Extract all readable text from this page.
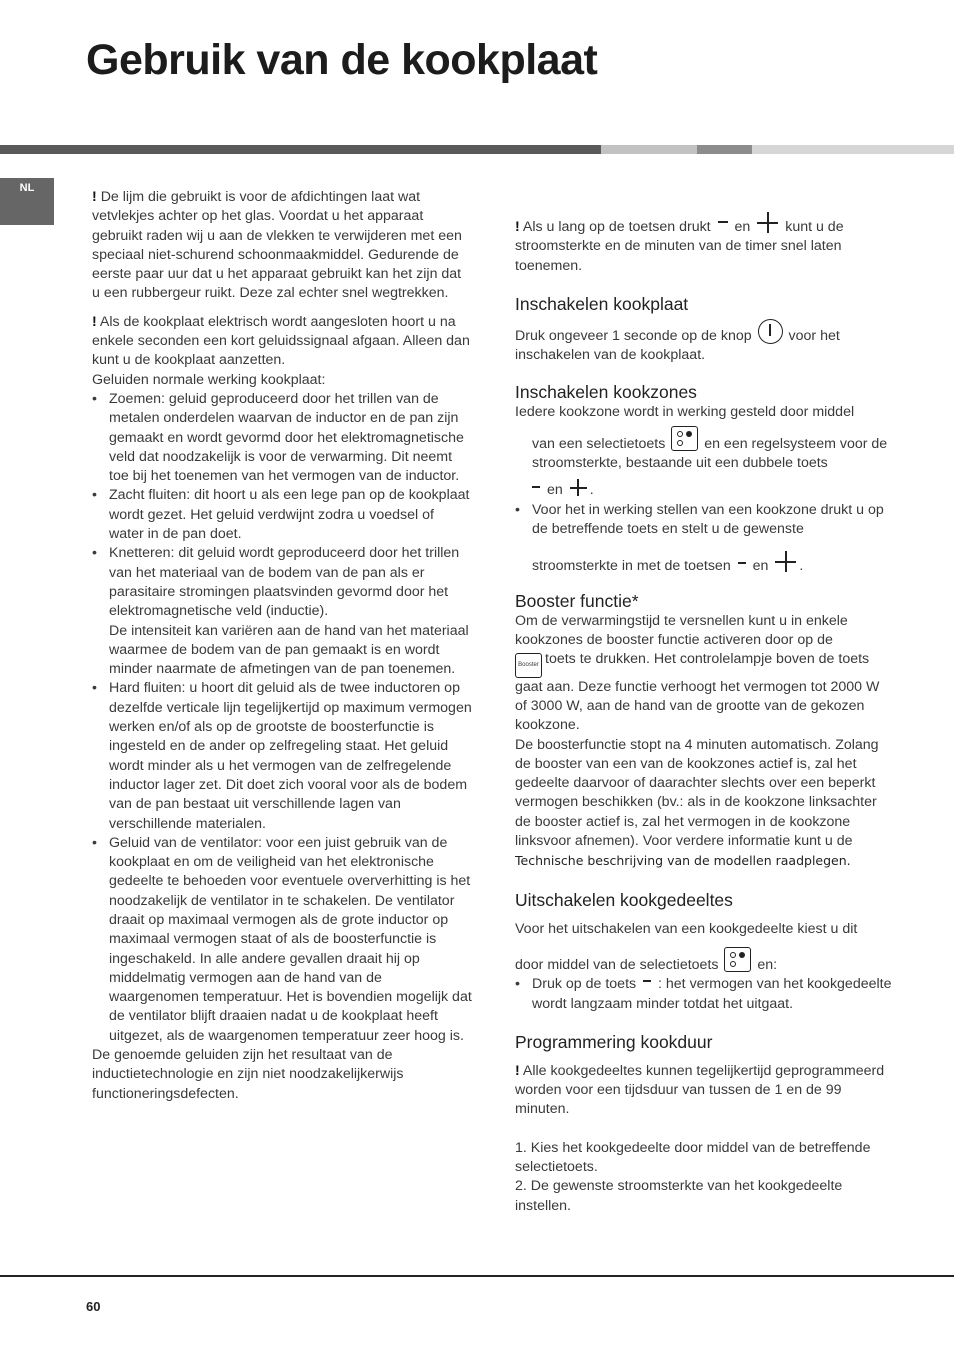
Gebruik van de kookplaat
NL

! De lijm die gebruikt is voor de afdichtingen laat wat vetvlekjes achter op het glas. Voordat u het apparaat gebruikt raden wij u aan de vlekken te verwijderen met een speciaal niet-schurend schoonmaakmiddel. Gedurende de eerste paar uur dat u het apparaat gebruikt kan het zijn dat u een rubbergeur ruikt. Deze zal echter snel wegtrekken.

! Als de kookplaat elektrisch wordt aangesloten hoort u na enkele seconden een kort geluidssignaal afgaan. Alleen dan kunt u de kookplaat aanzetten.

Geluiden normale werking kookplaat:

• Zoemen: geluid geproduceerd door het trillen van de metalen onderdelen waarvan de inductor en de pan zijn gemaakt en wordt gevormd door het elektromagnetische veld dat noodzakelijk is voor de verwarming. Dit neemt toe bij het toenemen van het vermogen van de inductor.
• Zacht fluiten: dit hoort u als een lege pan op de kookplaat wordt gezet. Het geluid verdwijnt zodra u voedsel of water in de pan doet.
• Knetteren: dit geluid wordt geproduceerd door het trillen van het materiaal van de bodem van de pan als er parasitaire stromingen plaatsvinden gevormd door het elektromagnetische veld (inductie).
De intensiteit kan variëren aan de hand van het materiaal waarmee de bodem van de pan gemaakt is en wordt minder naarmate de afmetingen van de pan toenemen.
• Hard fluiten: u hoort dit geluid als de twee inductoren op dezelfde verticale lijn tegelijkertijd op maximum vermogen werken en/of als op de grootste de boosterfunctie is ingesteld en de ander op zelfregeling staat. Het geluid wordt minder als u het vermogen van de zelfregelende inductor lager zet. Dit doet zich vooral voor als de bodem van de pan bestaat uit verschillende lagen van verschillende materialen.
• Geluid van de ventilator: voor een juist gebruik van de kookplaat en om de veiligheid van het elektronische gedeelte te behoeden voor eventuele oververhitting is het noodzakelijk de ventilator in te schakelen. De ventilator draait op maximaal vermogen als de grote inductor op maximaal vermogen staat of als de boosterfunctie is ingeschakeld. In alle andere gevallen draait hij op middelmatig vermogen aan de hand van de waargenomen temperatuur. Het is bovendien mogelijk dat de ventilator blijft draaien nadat u de kookplaat heeft uitgezet, als de waargenomen temperatuur zeer hoog is.

De genoemde geluiden zijn het resultaat van de inductietechnologie en zijn niet noodzakelijkerwijs functioneringsdefecten.

! Als u lang op de toetsen drukt en kunt u de stroomsterkte en de minuten van de timer snel laten toenemen.

Inschakelen kookplaat

Druk ongeveer 1 seconde op de knop	voor het inschakelen van de kookplaat.

Inschakelen kookzones

Iedere kookzone wordt in werking gesteld door middel

van een selectietoets	en een regelsysteem voor de stroomsterkte, bestaande uit een dubbele toets

en .

• Voor het in werking stellen van een kookzone drukt u op de betreffende toets en stelt u de gewenste
stroomsterkte in met de toetsen en .
Booster functie*

Om de verwarmingstijd te versnellen kunt u in enkele kookzones de booster functie activeren door op de

Booster toets te drukken. Het controlelampje boven de toets gaat aan. Deze functie verhoogt het vermogen tot 2000 W of 3000 W, aan de hand van de grootte van de gekozen kookzone.

De boosterfunctie stopt na 4 minuten automatisch. Zolang de booster van een van de kookzones actief is, zal het gedeelte daarvoor of daarachter slechts over een beperkt vermogen beschikken (bv.: als in de kookzone linksachter de booster actief is, zal het vermogen in de kookzone linksvoor afnemen). Voor verdere informatie kunt u de Technische beschrijving van de modellen raadplegen.

Uitschakelen kookgedeeltes

Voor het uitschakelen van een kookgedeelte kiest u dit

door middel van de selectietoets	en:

• Druk op de toets : het vermogen van het kookgedeelte wordt langzaam minder totdat het uitgaat.
Programmering kookduur

! Alle kookgedeeltes kunnen tegelijkertijd geprogrammeerd worden voor een tijdsduur van tussen de 1 en de 99 minuten.

1. Kies het kookgedeelte door middel van de betreffende selectietoets.

2. De gewenste stroomsterkte van het kookgedeelte instellen.

60
